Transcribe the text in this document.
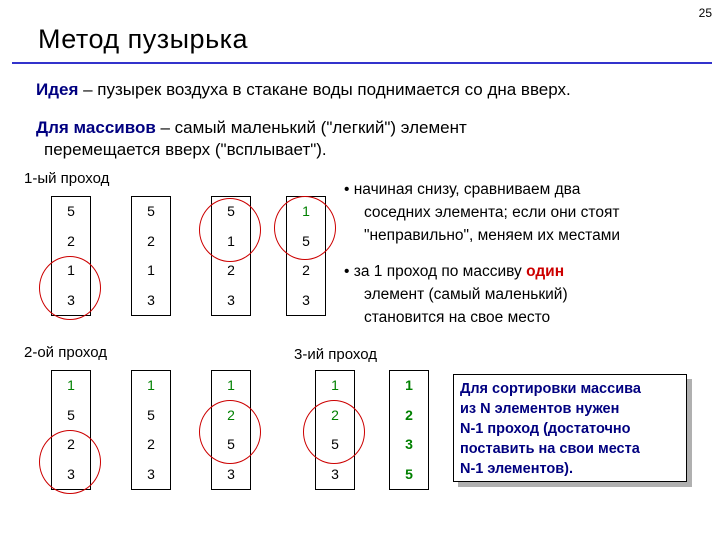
25
Метод пузырька
Идея – пузырек воздуха в стакане воды поднимается со дна вверх.
Для массивов – самый маленький ("легкий") элемент
перемещается вверх ("всплывает").
1-ый проход
2-ой проход	3-ий проход
• начиная снизу, сравниваем два
соседних элемента; если они стоят
"неправильно", меняем их местами
• за 1 проход по массиву один
элемент (самый маленький)
становится на свое место
5
2
1
3
5
2
1
3
5
1
2
3
1
5
2
3
1
5
2
3
1
5
2
3
1
2
5
3
1
2
5
3
1
2
3
5
Для сортировки массива
из N элементов нужен
N-1 проход (достаточно
поставить на свои места
N-1 элементов).
